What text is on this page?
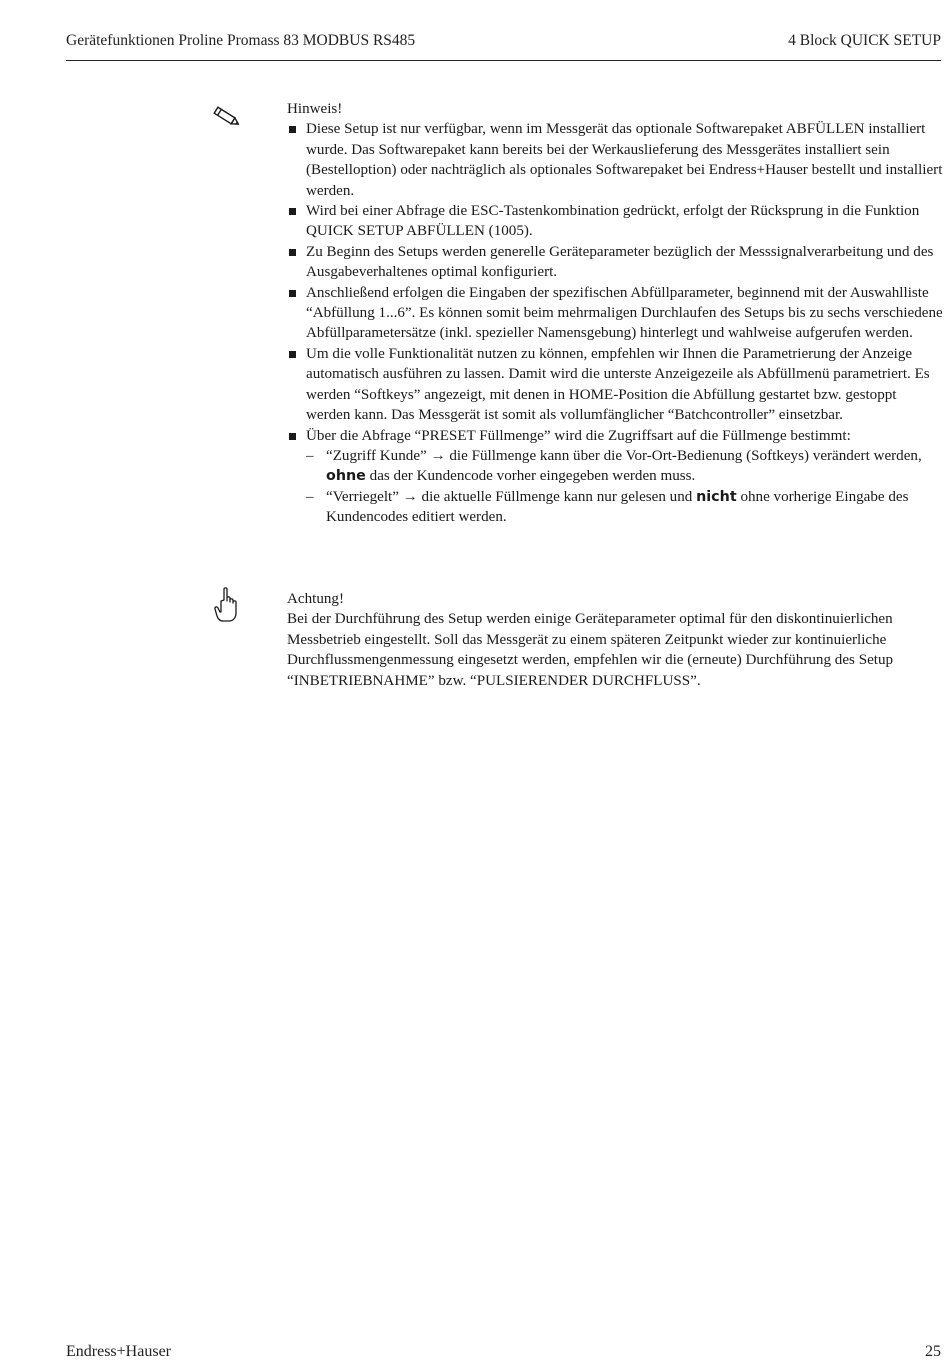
Gerätefunktionen Proline Promass 83 MODBUS RS485	4 Block QUICK SETUP
Hinweis!
Diese Setup ist nur verfügbar, wenn im Messgerät das optionale Softwarepaket ABFÜLLEN installiert wurde. Das Softwarepaket kann bereits bei der Werkauslieferung des Messgerätes installiert sein (Bestelloption) oder nachträglich als optionales Softwarepaket bei Endress+Hauser bestellt und installiert werden.
Wird bei einer Abfrage die ESC-Tastenkombination gedrückt, erfolgt der Rücksprung in die Funktion QUICK SETUP ABFÜLLEN (1005).
Zu Beginn des Setups werden generelle Geräteparameter bezüglich der Messsignalverarbeitung und des Ausgabeverhaltenes optimal konfiguriert.
Anschließend erfolgen die Eingaben der spezifischen Abfüllparameter, beginnend mit der Auswahlliste “Abfüllung 1...6”. Es können somit beim mehrmaligen Durchlaufen des Setups bis zu sechs verschiedene Abfüllparametersätze (inkl. spezieller Namensgebung) hinterlegt und wahlweise aufgerufen werden.
Um die volle Funktionalität nutzen zu können, empfehlen wir Ihnen die Parametrierung der Anzeige automatisch ausführen zu lassen. Damit wird die unterste Anzeigezeile als Abfüllmenü parametriert. Es werden “Softkeys” angezeigt, mit denen in HOME-Position die Abfüllung gestartet bzw. gestoppt werden kann. Das Messgerät ist somit als vollumfänglicher “Batchcontroller” einsetzbar.
Über die Abfrage “PRESET Füllmenge” wird die Zugriffsart auf die Füllmenge bestimmt:
– “Zugriff Kunde” → die Füllmenge kann über die Vor-Ort-Bedienung (Softkeys) verändert werden, ohne das der Kundencode vorher eingegeben werden muss.
– “Verriegelt” → die aktuelle Füllmenge kann nur gelesen und nicht ohne vorherige Eingabe des Kundencodes editiert werden.
Achtung!
Bei der Durchführung des Setup werden einige Geräteparameter optimal für den diskontinuierlichen Messbetrieb eingestellt. Soll das Messgerät zu einem späteren Zeitpunkt wieder zur kontinuierliche Durchflussmengenmessung eingesetzt werden, empfehlen wir die (erneute) Durchführung des Setup “INBETRIEBNAHME” bzw. “PULSIERENDER DURCHFLUSS”.
Endress+Hauser	25
